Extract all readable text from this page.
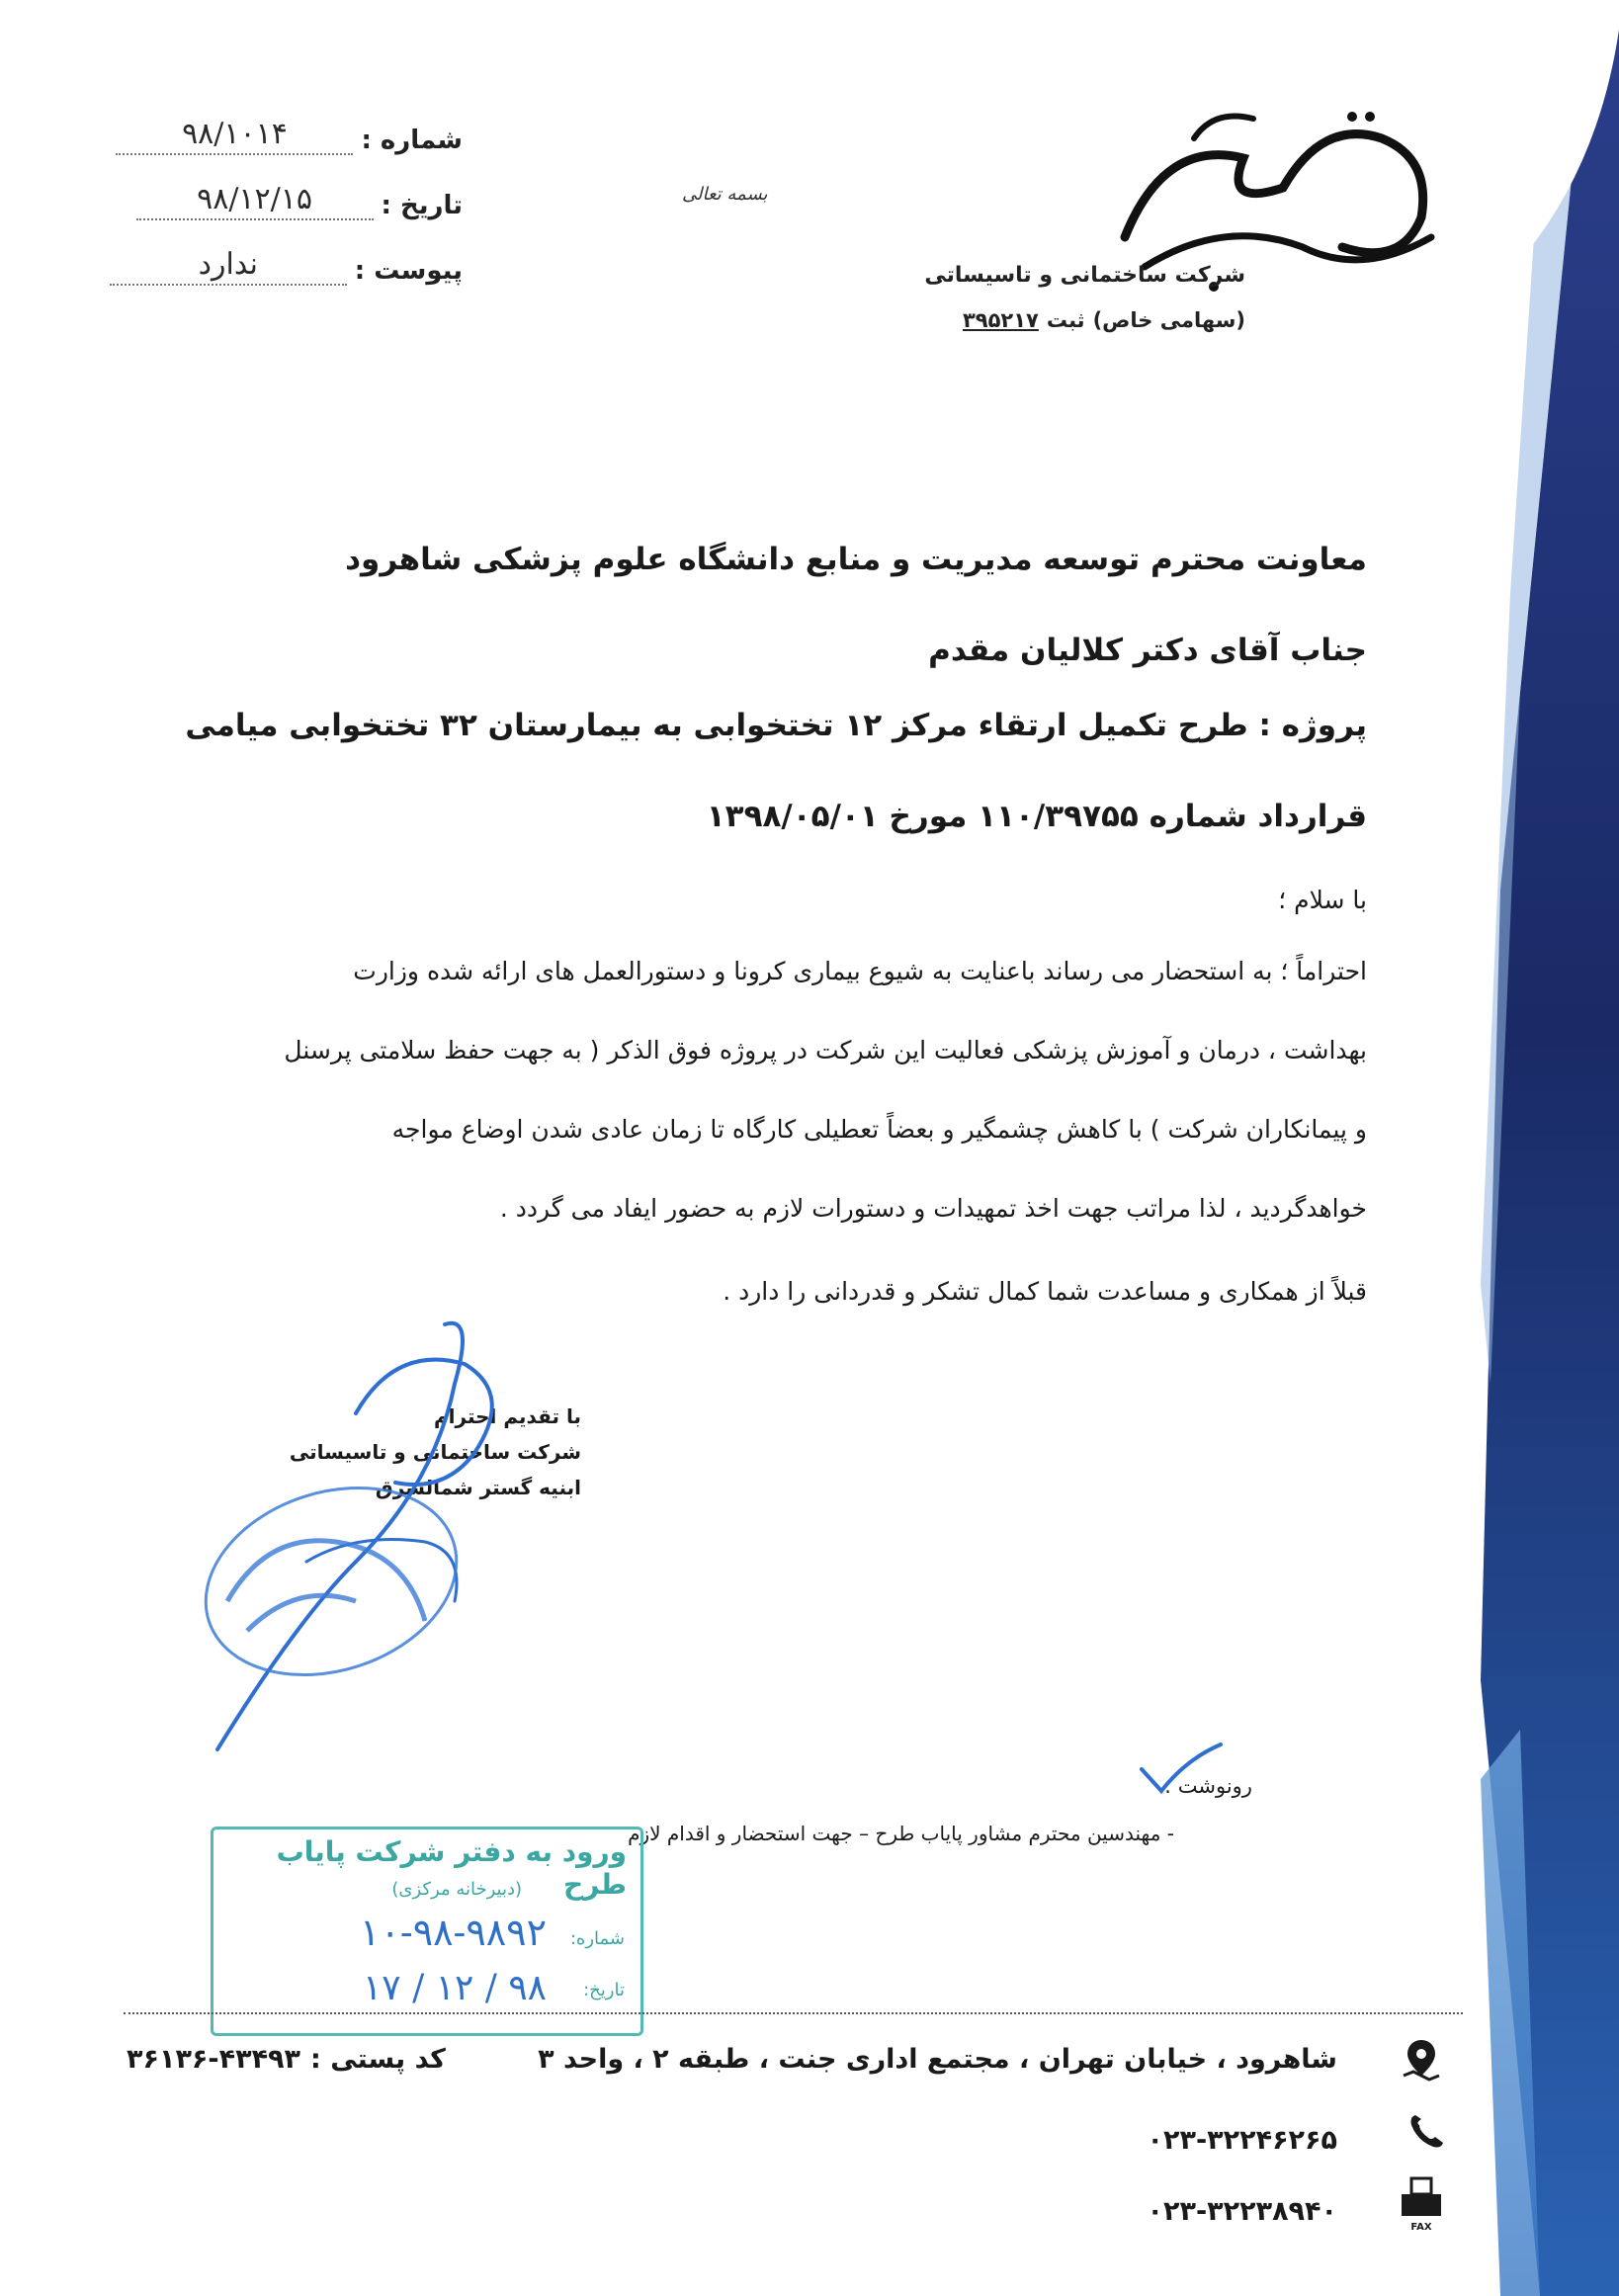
شرکت ساختمانی و تاسیساتی
(سهامی خاص)
ثبت
۳۹۵۲۱۷
بسمه تعالی
شماره :
۹۸/۱۰۱۴
تاریخ :
۹۸/۱۲/۱۵
پیوست :
ندارد
معاونت محترم توسعه مدیریت و منابع دانشگاه علوم پزشکی شاهرود
جناب آقای دکتر کلالیان مقدم
پروژه : طرح تکمیل ارتقاء مرکز ۱۲ تختخوابی به بیمارستان ۳۲ تختخوابی میامی
قرارداد شماره ۱۱۰/۳۹۷۵۵ مورخ ۱۳۹۸/۰۵/۰۱
با سلام ؛
احتراماً ؛ به استحضار می رساند باعنایت به شیوع بیماری کرونا و دستورالعمل های ارائه شده وزارت
بهداشت ، درمان و آموزش پزشکی فعالیت این شرکت در پروژه فوق الذکر ( به جهت حفظ سلامتی پرسنل
و پیمانکاران شرکت ) با کاهش چشمگیر و بعضاً تعطیلی کارگاه تا زمان عادی شدن اوضاع مواجه
خواهدگردید ، لذا مراتب جهت اخذ تمهیدات و دستورات لازم به حضور ایفاد می گردد .
قبلاً از همکاری و مساعدت شما کمال تشکر و قدردانی را دارد .
با تقدیم احترام
شرکت ساختمانی و تاسیساتی
ابنیه گستر شمالشرق
رونوشت :
- مهندسین محترم مشاور پایاب طرح – جهت استحضار و اقدام لازم
ورود به دفتر شرکت پایاب طرح
(دبیرخانه مرکزی)
شماره:
۱۰-۹۸-۹۸۹۲
تاریخ:
۹۸ / ۱۲ / ۱۷
شاهرود ، خیابان تهران ، مجتمع اداری جنت ، طبقه ۲ ، واحد ۳
کد پستی :
۳۶۱۳۶-۴۳۴۹۳
۰۲۳-۳۲۲۴۶۲۶۵
۰۲۳-۳۲۲۳۸۹۴۰
FAX
